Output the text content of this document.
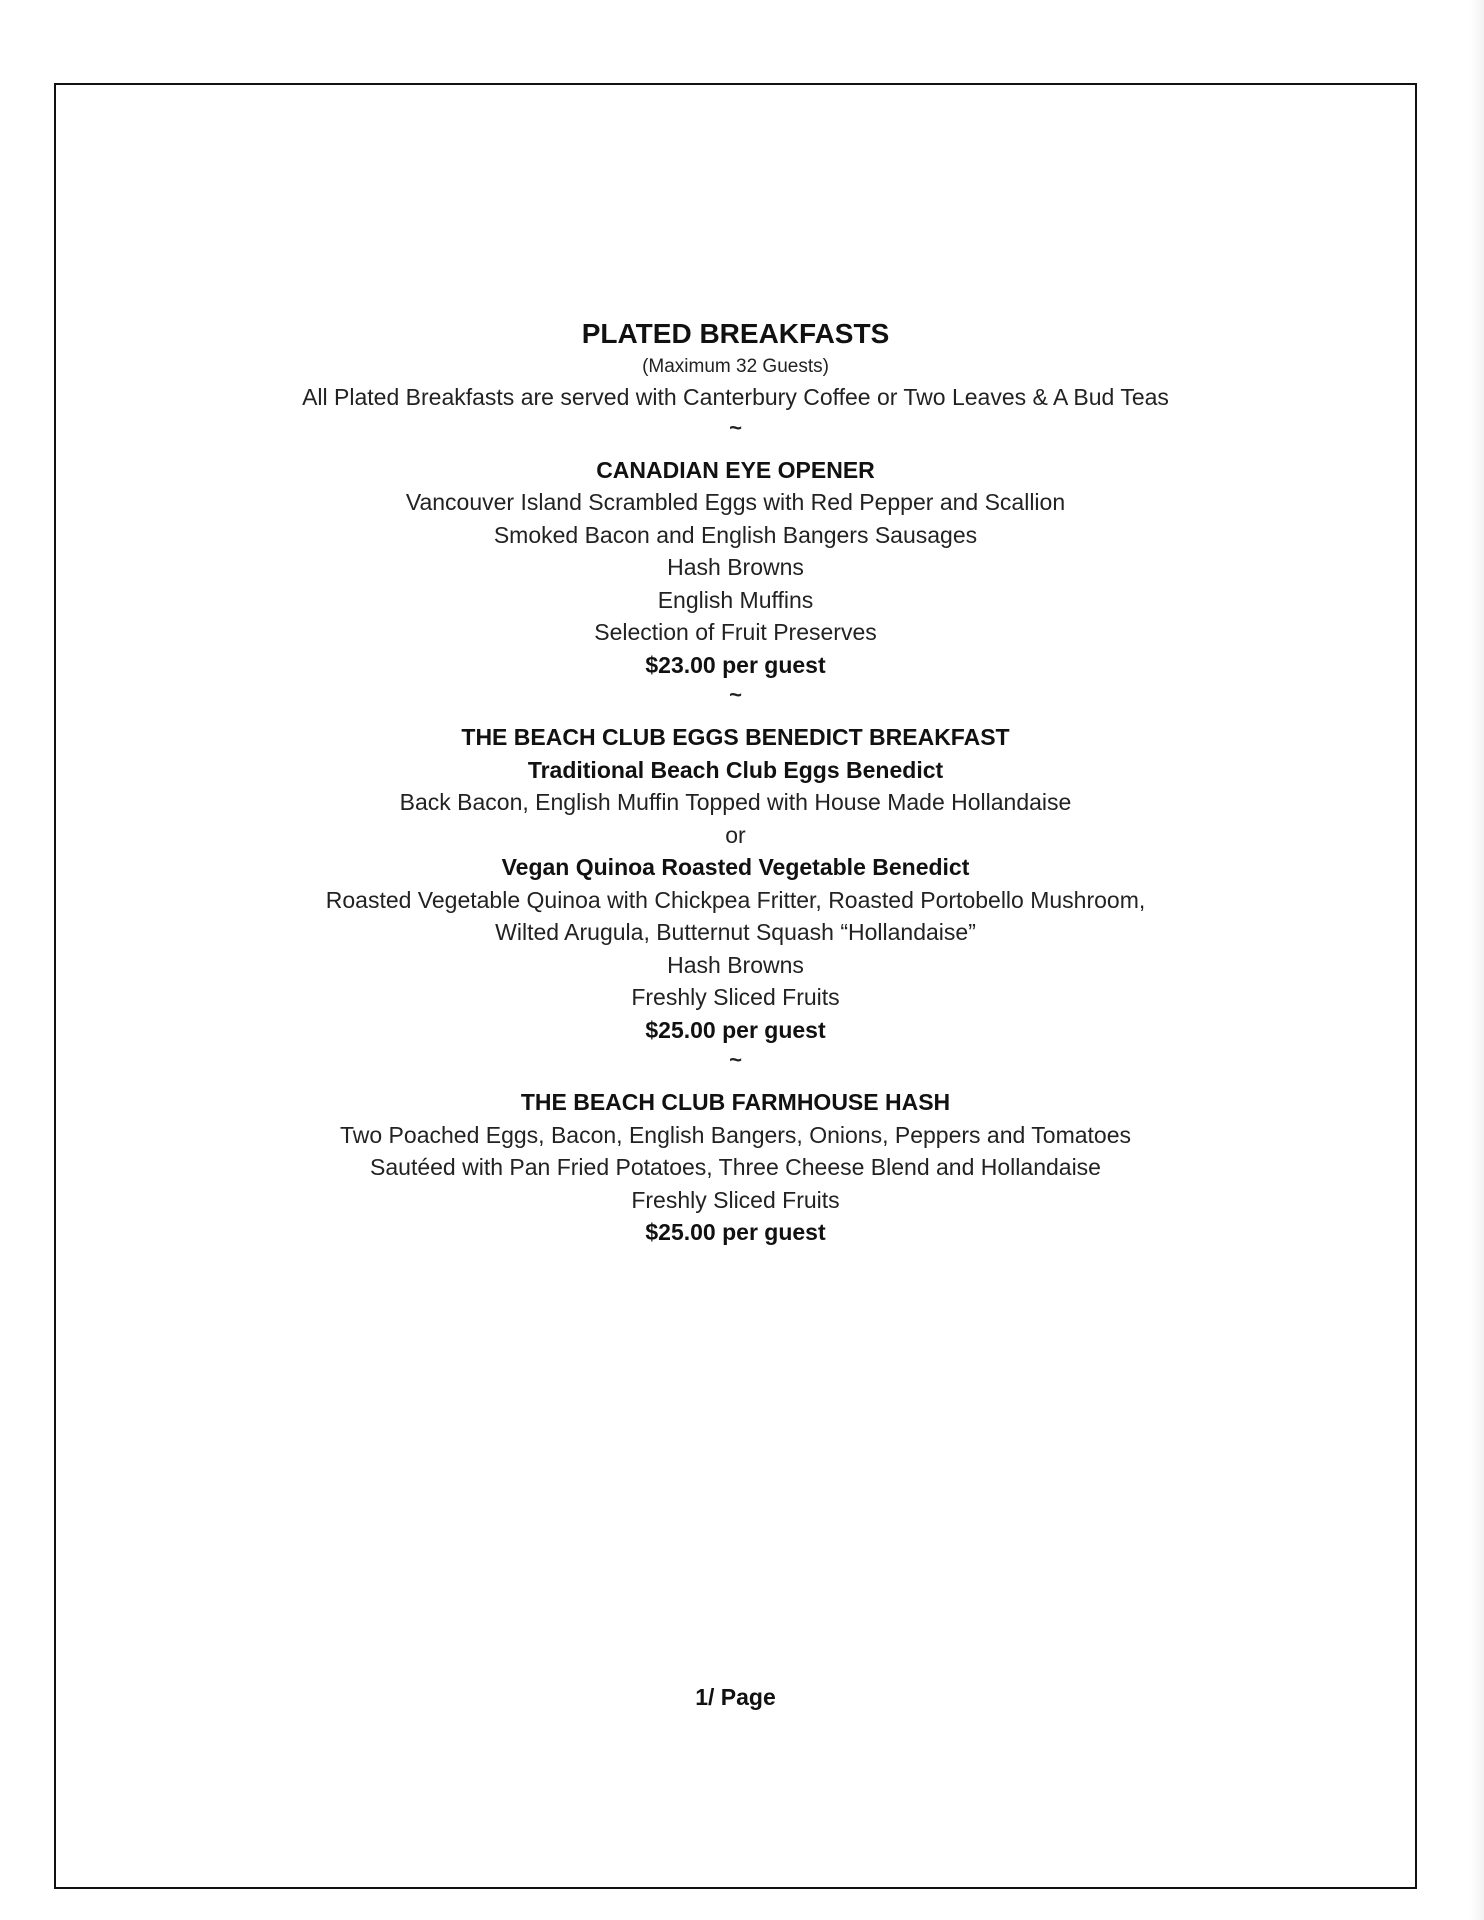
PLATED BREAKFASTS
(Maximum 32 Guests)
All Plated Breakfasts are served with Canterbury Coffee or Two Leaves & A Bud Teas
~
CANADIAN EYE OPENER
Vancouver Island Scrambled Eggs with Red Pepper and Scallion
Smoked Bacon and English Bangers Sausages
Hash Browns
English Muffins
Selection of Fruit Preserves
$23.00 per guest
~
THE BEACH CLUB EGGS BENEDICT BREAKFAST
Traditional Beach Club Eggs Benedict
Back Bacon, English Muffin Topped with House Made Hollandaise
or
Vegan Quinoa Roasted Vegetable Benedict
Roasted Vegetable Quinoa with Chickpea Fritter, Roasted Portobello Mushroom,
Wilted Arugula, Butternut Squash “Hollandaise”
Hash Browns
Freshly Sliced Fruits
$25.00 per guest
~
THE BEACH CLUB FARMHOUSE HASH
Two Poached Eggs, Bacon, English Bangers, Onions, Peppers and Tomatoes
Sautéed with Pan Fried Potatoes, Three Cheese Blend and Hollandaise
Freshly Sliced Fruits
$25.00 per guest
1/ Page
